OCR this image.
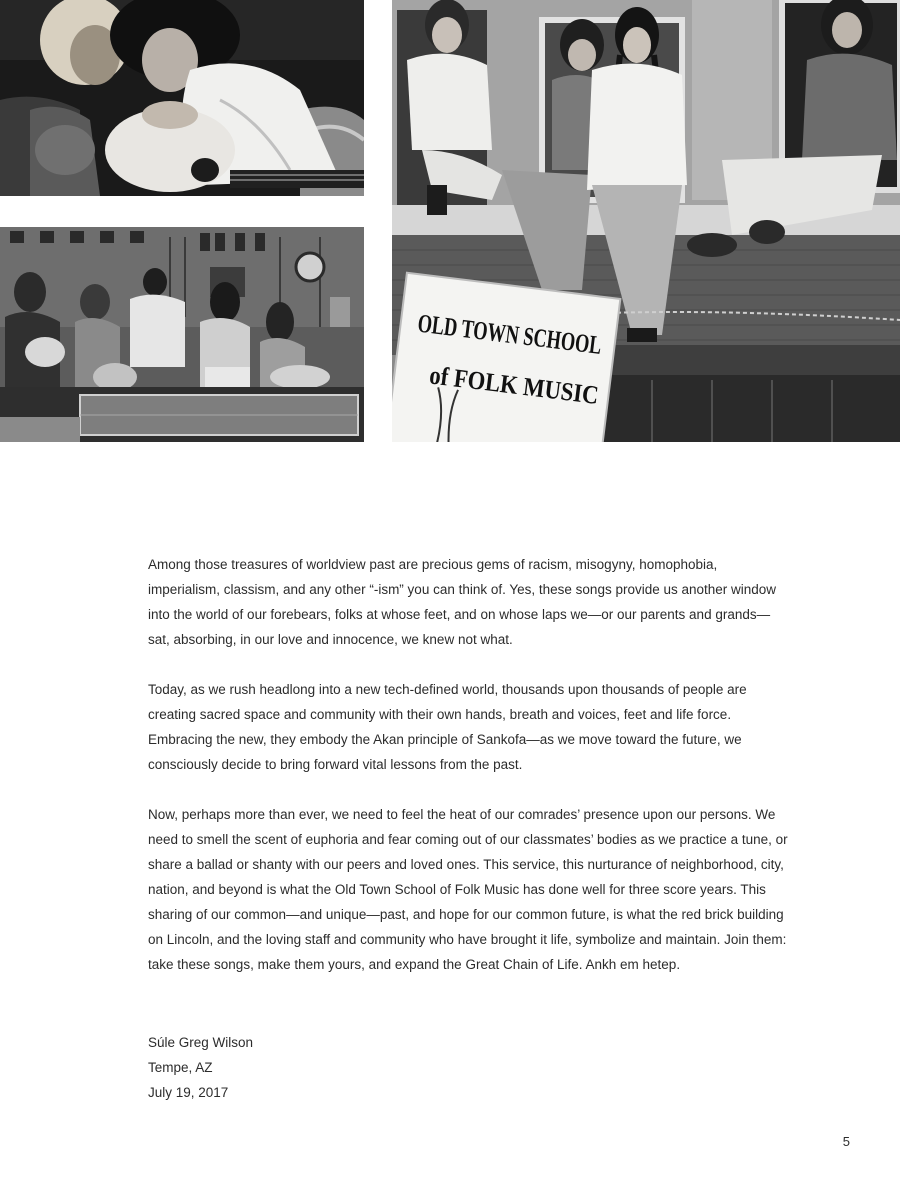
OLD TOWN SCHOOL
of FOLK MUSIC

Among those treasures of worldview past are precious gems of racism, misogyny, homophobia, imperialism, classism, and any other “-ism” you can think of. Yes, these songs provide us another window into the world of our forebears, folks at whose feet, and on whose laps we—or our parents and grands—sat, absorbing, in our love and innocence, we knew not what.

Today, as we rush headlong into a new tech-defined world, thousands upon thousands of people are creating sacred space and community with their own hands, breath and voices, feet and life force. Embracing the new, they embody the Akan principle of Sankofa—as we move toward the future, we consciously decide to bring forward vital lessons from the past.

Now, perhaps more than ever, we need to feel the heat of our comrades’ presence upon our persons. We need to smell the scent of euphoria and fear coming out of our classmates’ bodies as we practice a tune, or share a ballad or shanty with our peers and loved ones. This service, this nurturance of neighborhood, city, nation, and beyond is what the Old Town School of Folk Music has done well for three score years. This sharing of our common—and unique—past, and hope for our common future, is what the red brick building on Lincoln, and the loving staff and community who have brought it life, symbolize and maintain. Join them: take these songs, make them yours, and expand the Great Chain of Life. Ankh em hetep.

Súle Greg Wilson
Tempe, AZ
July 19, 2017
5
